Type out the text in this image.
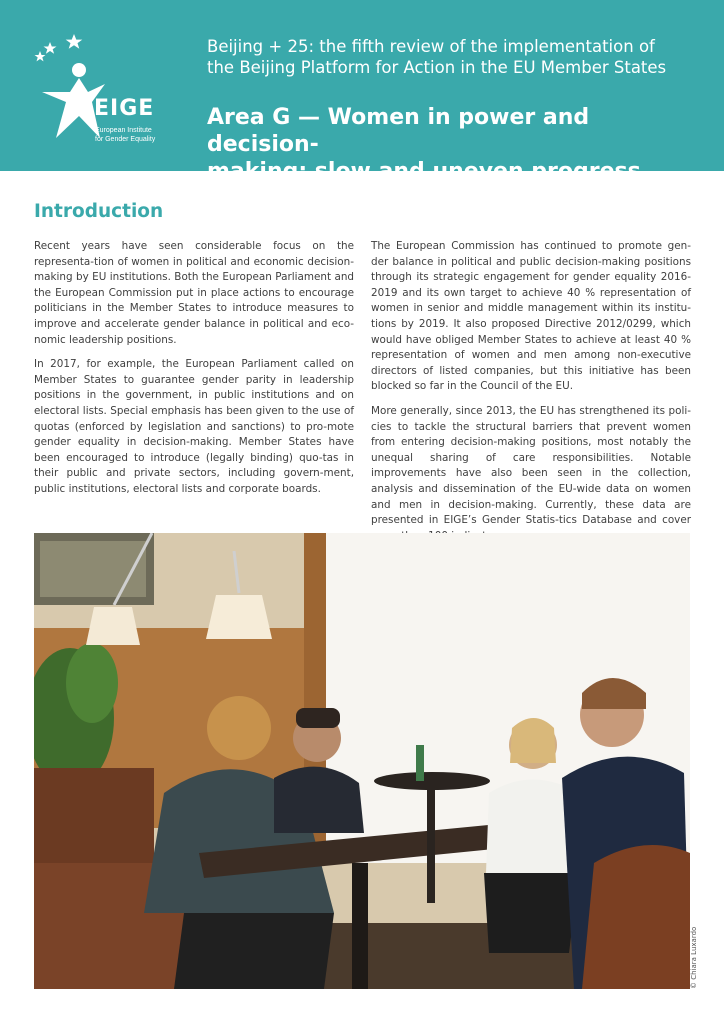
EIGE
European Institute
for Gender Equality
Beijing + 25: the fifth review of the implementation of
the Beijing Platform for Action in the EU Member States
Area G — Women in power and decision-
making: slow and uneven progress
Introduction

Recent years have seen considerable focus on the representa-tion of women in political and economic decision-making by EU institutions. Both the European Parliament and the European Commission put in place actions to encourage politicians in the Member States to introduce measures to improve and accelerate gender balance in political and eco-nomic leadership positions.

In 2017, for example, the European Parliament called on Member States to guarantee gender parity in leadership positions in the government, in public institutions and on electoral lists. Special emphasis has been given to the use of quotas (enforced by legislation and sanctions) to pro-mote gender equality in decision-making. Member States have been encouraged to introduce (legally binding) quo-tas in their public and private sectors, including govern-ment, public institutions, electoral lists and corporate boards.

The European Commission has continued to promote gen-der balance in political and public decision-making positions through its strategic engagement for gender equality 2016-2019 and its own target to achieve 40 % representation of women in senior and middle management within its institu-tions by 2019. It also proposed Directive 2012/0299, which would have obliged Member States to achieve at least 40 % representation of women and men among non-executive directors of listed companies, but this initiative has been blocked so far in the Council of the EU.

More generally, since 2013, the EU has strengthened its poli-cies to tackle the structural barriers that prevent women from entering decision-making positions, most notably the unequal sharing of care responsibilities. Notable improvements have also been seen in the collection, analysis and dissemination of the EU-wide data on women and men in decision-making. Currently, these data are presented in EIGE’s Gender Statis-tics Database and cover

© Chiara Luxardo
